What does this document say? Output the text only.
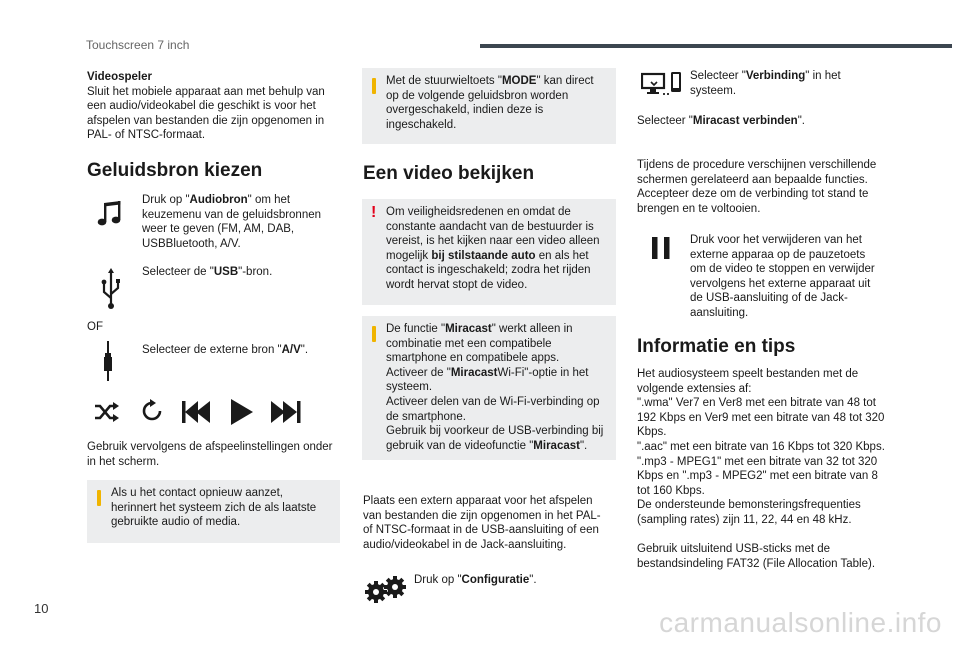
Touchscreen 7 inch

Videospeler

Sluit het mobiele apparaat aan met behulp van een audio/videokabel die geschikt is voor het afspelen van bestanden die zijn opgenomen in PAL- of NTSC-formaat.

Geluidsbron kiezen

Druk op "Audiobron" om het keuzemenu van de geluidsbronnen weer te geven (FM, AM, DAB, USBBluetooth, A/V.

Selecteer de "USB"-bron.

OF

Selecteer de externe bron "A/V".

Gebruik vervolgens de afspeelinstellingen onder in het scherm.

Als u het contact opnieuw aanzet, herinnert het systeem zich de als laatste gebruikte audio of media.

Met de stuurwieltoets "MODE" kan direct op de volgende geluidsbron worden overgeschakeld, indien deze is ingeschakeld.

Een video bekijken
! Om veiligheidsredenen en omdat de constante aandacht van de bestuurder is vereist, is het kijken naar een video alleen mogelijk bij stilstaande auto en als het contact is ingeschakeld; zodra het rijden wordt hervat stopt de video.

De functie "Miracast" werkt alleen in combinatie met een compatibele smartphone en compatibele apps.

Activeer de "MiracastWi-Fi"-optie in het systeem.

Activeer delen van de Wi-Fi-verbinding op de smartphone.

Gebruik bij voorkeur de USB-verbinding bij gebruik van de videofunctie "Miracast".

Plaats een extern apparaat voor het afspelen van bestanden die zijn opgenomen in het PAL- of NTSC-formaat in de USB-aansluiting of een audio/videokabel in de Jack-aansluiting.

Druk op "Configuratie".

Selecteer "Verbinding" in het systeem.

Selecteer "Miracast verbinden".

Tijdens de procedure verschijnen verschillende schermen gerelateerd aan bepaalde functies. Accepteer deze om de verbinding tot stand te brengen en te voltooien.

Druk voor het verwijderen van het externe apparaa op de pauzetoets om de video te stoppen en verwijder vervolgens het externe apparaat uit de USB-aansluiting of de Jack-aansluiting.

Informatie en tips

Het audiosysteem speelt bestanden met de volgende extensies af:

".wma" Ver7 en Ver8 met een bitrate van 48 tot 192 Kbps en Ver9 met een bitrate van 48 tot 320 Kbps.

".aac" met een bitrate van 16 Kbps tot 320 Kbps.

".mp3 - MPEG1" met een bitrate van 32 tot 320 Kbps en ".mp3 - MPEG2" met een bitrate van 8 tot 160 Kbps.

De ondersteunde bemonsteringsfrequenties (sampling rates) zijn 11, 22, 44 en 48 kHz.

Gebruik uitsluitend USB-sticks met de bestandsindeling FAT32 (File Allocation Table).

10	carmanualsonline.info
